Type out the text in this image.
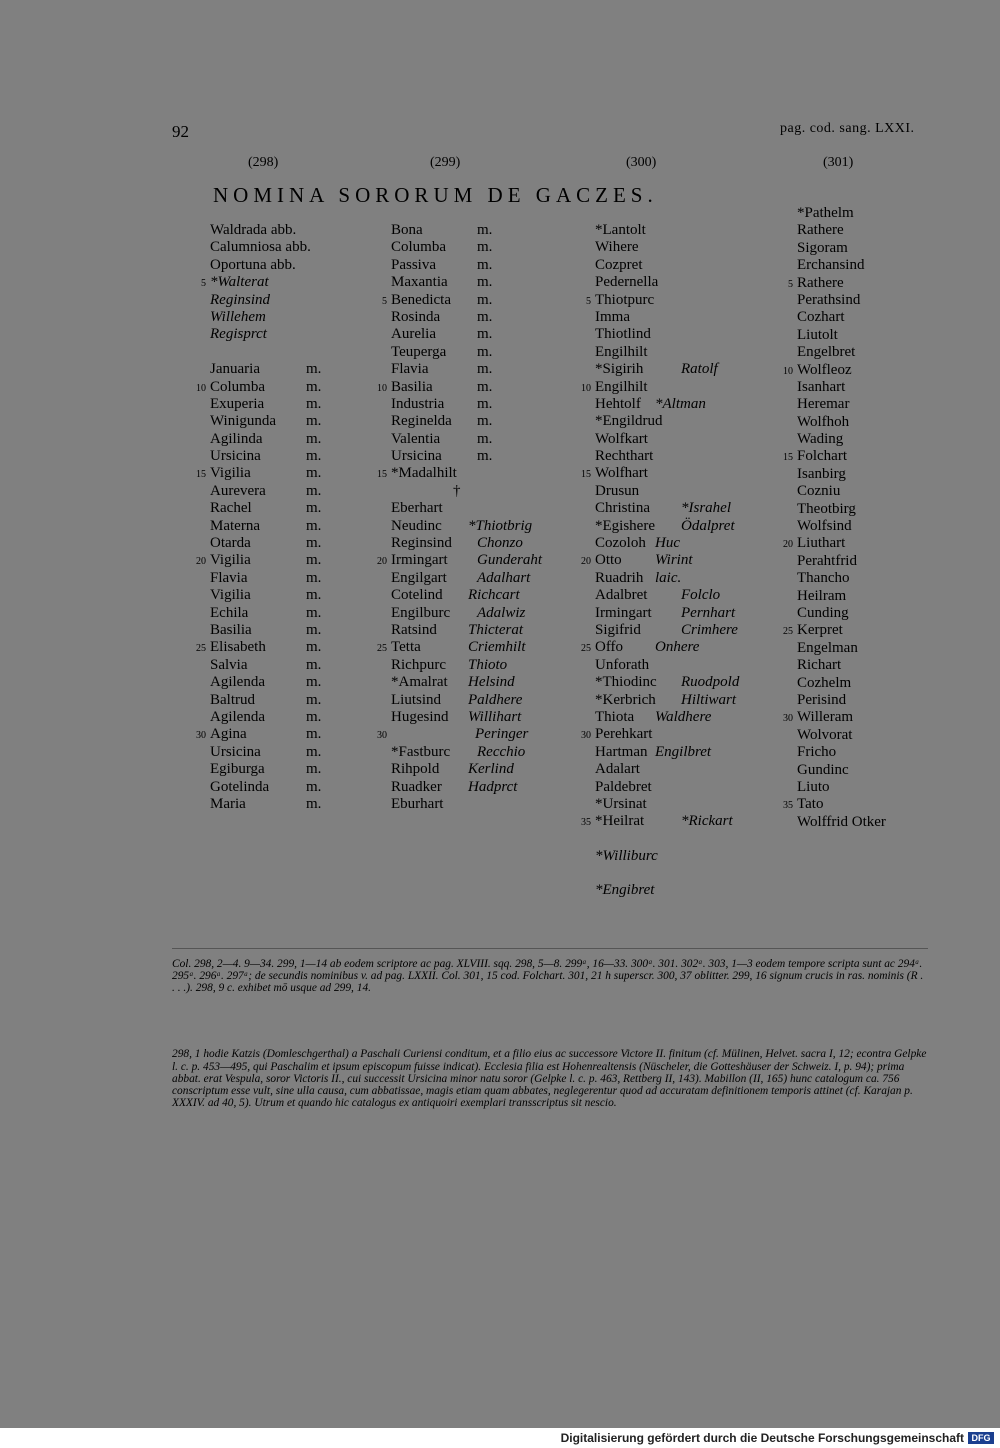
92	pag. cod. sang. LXXI.
(298)	(299)	(300)	(301)
NOMINA SORORUM DE GACZES.
Waldrada abb.
Calumniosa abb.
Oportuna abb.
5 *Walterat
Reginsind
Willehem
Regisprct
Januaria	m.
10 Columba	m.
Exuperia	m.
Winigunda m.
Agilinda	m.
Ursicina	m.
15 Vigilia	m.
Aurevera	m.
Rachel	m.
Materna	m.
Otarda	m.
20 Vigilia	m.
Flavia	m.
Vigilia	m.
Echila	m.
Basilia	m.
25 Elisabeth	m.
Salvia	m.
Agilenda	m.
Baltrud	m.
Agilenda	m.
30 Agina	m.
Ursicina	m.
Egiburga	m.
Gotelinda m.
Maria	m.
Bona	m.
Columba m.
Passiva	m.
Maxantia m.
5 Benedicta m.
Rosinda m.
Aurelia	m.
Teuperga m.
Flavia	m.
10 Basilia	m.
Industria m.
Reginelda m.
Valentia m.
Ursicina m.
15 *Madalhilt
†
Eberhart
Neudinc *Thiotbrig
Reginsind Chonzo
20 Irmingart Gunderaht
Engilgart Adalhart
Cotelind Richcart
Engilburc Adalwiz
Ratsind Thicterat
25 Tetta	Criemhilt
Richpurc Thioto
*Amalrat Helsind
Liutsind Paldhere
Hugesind Willihart
30	Peringer
*Fastburc Recchio
Rihpold Kerlind
Ruadker Hadprct
Eburhart
*Lantolt
Wihere
Cozpret
Pedernella
5 Thiotpurc
Imma
Thiotlind
Engilhilt
*Sigirih	Ratolf
10 Engilhilt
Hehtolf *Altman
*Engildrud
Wolfkart
Rechthart
15 Wolfhart
Drusun
Christina *Israhel
*Egishere Ödalpret
Cozoloh Huc
20 Otto Wirint
Ruadrih laic.
Adalbret Folclo
Irmingart Pernhart
Sigifrid	Crimhere
25 Offo Onhere
Unforath
*Thiodinc Ruodpold
*Kerbrich Hiltiwart
Thiota Waldhere
30 Perehkart
Hartman Engilbret
Adalart
Paldebret
*Ursinat
35 *Heilrat *Rickart
*Williburc
*Engibret
*Pathelm
Rathere
Sigoram
Erchansind
5 Rathere
Perathsind
Cozhart
Liutolt
Engelbret
10 Wolfleoz
Isanhart
Heremar
Wolfhoh
Wading
15 Folchart
Isanbirg
Cozniu
Theotbirg
Wolfsind
20 Liuthart
Perahtfrid
Thancho
Heilram
Cunding
25 Kerpret
Engelman
Richart
Cozhelm
Perisind
30 Willeram
Wolvorat
Fricho
Gundinc
Liuto
35 Tato
Wolffrid Otker

Col. 298, 2—4. 9—34. 299, 1—14 ab eodem scriptore ac pag. XLVIII. sqq. 298, 5—8. 299ᵃ, 16—33. 300ᵃ. 301. 302ᵃ. 303, 1—3 eodem tempore scripta sunt ac 294ᵃ. 295ᵃ. 296ᵃ. 297ᵃ; de secundis nominibus v. ad pag. LXXII. Col. 301, 15 cod. Folchart. 301, 21 h superscr. 300, 37 oblitter. 299, 16 signum crucis in ras. nominis (R . . . .). 298, 9 c. exhibet mō usque ad 299, 14.

298, 1 hodie Katzis (Domleschgerthal) a Paschali Curiensi conditum, et a filio eius ac successore Victore II. finitum (cf. Mülinen, Helvet. sacra I, 12; econtra Gelpke l. c. p. 453—495, qui Paschalim et ipsum episcopum fuisse indicat). Ecclesia filia est Hohenrealtensis (Nüscheler, die Gotteshäuser der Schweiz. I, p. 94); prima abbat. erat Vespula, soror Victoris II., cui successit Ursicina minor natu soror (Gelpke l. c. p. 463, Rettberg II, 143). Mabillon (II, 165) hunc catalogum ca. 756 conscriptum esse vult, sine ulla causa, cum abbatissae, magis etiam quam abbates, neglegerentur quod ad accuratam definitionem temporis attinet (cf. Karajan p. XXXIV. ad 40, 5). Utrum et quando hic catalogus ex antiquoiri exemplari transscriptus sit nescio.

Digitalisierung gefördert durch die Deutsche Forschungsgemeinschaft DFG
